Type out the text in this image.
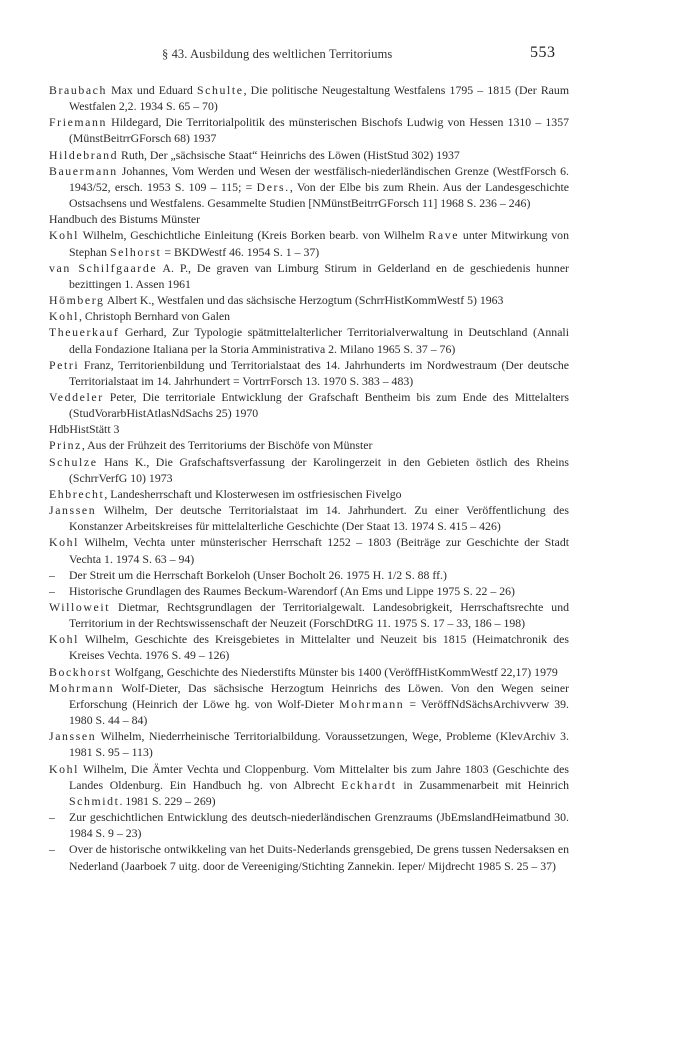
§ 43. Ausbildung des weltlichen Territoriums	553

Braubach Max und Eduard Schulte, Die politische Neugestaltung Westfalens 1795 – 1815 (Der Raum Westfalen 2,2. 1934 S. 65 – 70)

Friemann Hildegard, Die Territorialpolitik des münsterischen Bischofs Ludwig von Hessen 1310 – 1357 (MünstBeitrrGForsch 68) 1937

Hildebrand Ruth, Der „sächsische Staat“ Heinrichs des Löwen (HistStud 302) 1937

Bauermann Johannes, Vom Werden und Wesen der westfälisch-niederländischen Grenze (WestfForsch 6. 1943/52, ersch. 1953 S. 109 – 115; = Ders., Von der Elbe bis zum Rhein. Aus der Landesgeschichte Ostsachsens und Westfalens. Gesammelte Studien [NMünstBeitrrGForsch 11] 1968 S. 236 – 246)

Handbuch des Bistums Münster

Kohl Wilhelm, Geschichtliche Einleitung (Kreis Borken bearb. von Wilhelm Rave unter Mitwirkung von Stephan Selhorst = BKDWestf 46. 1954 S. 1 – 37)

van Schilfgaarde A. P., De graven van Limburg Stirum in Gelderland en de geschiedenis hunner bezittingen 1. Assen 1961

Hömberg Albert K., Westfalen und das sächsische Herzogtum (SchrrHistKommWestf 5) 1963

Kohl, Christoph Bernhard von Galen

Theuerkauf Gerhard, Zur Typologie spätmittelalterlicher Territorialverwaltung in Deutschland (Annali della Fondazione Italiana per la Storia Amministrativa 2. Milano 1965 S. 37 – 76)

Petri Franz, Territorienbildung und Territorialstaat des 14. Jahrhunderts im Nordwestraum (Der deutsche Territorialstaat im 14. Jahrhundert = VortrrForsch 13. 1970 S. 383 – 483)

Veddeler Peter, Die territoriale Entwicklung der Grafschaft Bentheim bis zum Ende des Mittelalters (StudVorarbHistAtlasNdSachs 25) 1970

HdbHistStätt 3

Prinz, Aus der Frühzeit des Territoriums der Bischöfe von Münster

Schulze Hans K., Die Grafschaftsverfassung der Karolingerzeit in den Gebieten östlich des Rheins (SchrrVerfG 10) 1973

Ehbrecht, Landesherrschaft und Klosterwesen im ostfriesischen Fivelgo

Janssen Wilhelm, Der deutsche Territorialstaat im 14. Jahrhundert. Zu einer Veröffentlichung des Konstanzer Arbeitskreises für mittelalterliche Geschichte (Der Staat 13. 1974 S. 415 – 426)

Kohl Wilhelm, Vechta unter münsterischer Herrschaft 1252 – 1803 (Beiträge zur Geschichte der Stadt Vechta 1. 1974 S. 63 – 94)

– Der Streit um die Herrschaft Borkeloh (Unser Bocholt 26. 1975 H. 1/2 S. 88 ff.)

– Historische Grundlagen des Raumes Beckum-Warendorf (An Ems und Lippe 1975 S. 22 – 26)

Willoweit Dietmar, Rechtsgrundlagen der Territorialgewalt. Landesobrigkeit, Herrschaftsrechte und Territorium in der Rechtswissenschaft der Neuzeit (ForschDtRG 11. 1975 S. 17 – 33, 186 – 198)

Kohl Wilhelm, Geschichte des Kreisgebietes in Mittelalter und Neuzeit bis 1815 (Heimatchronik des Kreises Vechta. 1976 S. 49 – 126)

Bockhorst Wolfgang, Geschichte des Niederstifts Münster bis 1400 (VeröffHistKommWestf 22,17) 1979

Mohrmann Wolf-Dieter, Das sächsische Herzogtum Heinrichs des Löwen. Von den Wegen seiner Erforschung (Heinrich der Löwe hg. von Wolf-Dieter Mohrmann = VeröffNdSächsArchivverw 39. 1980 S. 44 – 84)

Janssen Wilhelm, Niederrheinische Territorialbildung. Voraussetzungen, Wege, Probleme (KlevArchiv 3. 1981 S. 95 – 113)

Kohl Wilhelm, Die Ämter Vechta und Cloppenburg. Vom Mittelalter bis zum Jahre 1803 (Geschichte des Landes Oldenburg. Ein Handbuch hg. von Albrecht Eckhardt in Zusammenarbeit mit Heinrich Schmidt. 1981 S. 229 – 269)

– Zur geschichtlichen Entwicklung des deutsch-niederländischen Grenzraums (JbEmslandHeimatbund 30. 1984 S. 9 – 23)

– Over de historische ontwikkeling van het Duits-Nederlands grensgebied, De grens tussen Nedersaksen en Nederland (Jaarboek 7 uitg. door de Vereeniging/Stichting Zannekin. Ieper/ Mijdrecht 1985 S. 25 – 37)
